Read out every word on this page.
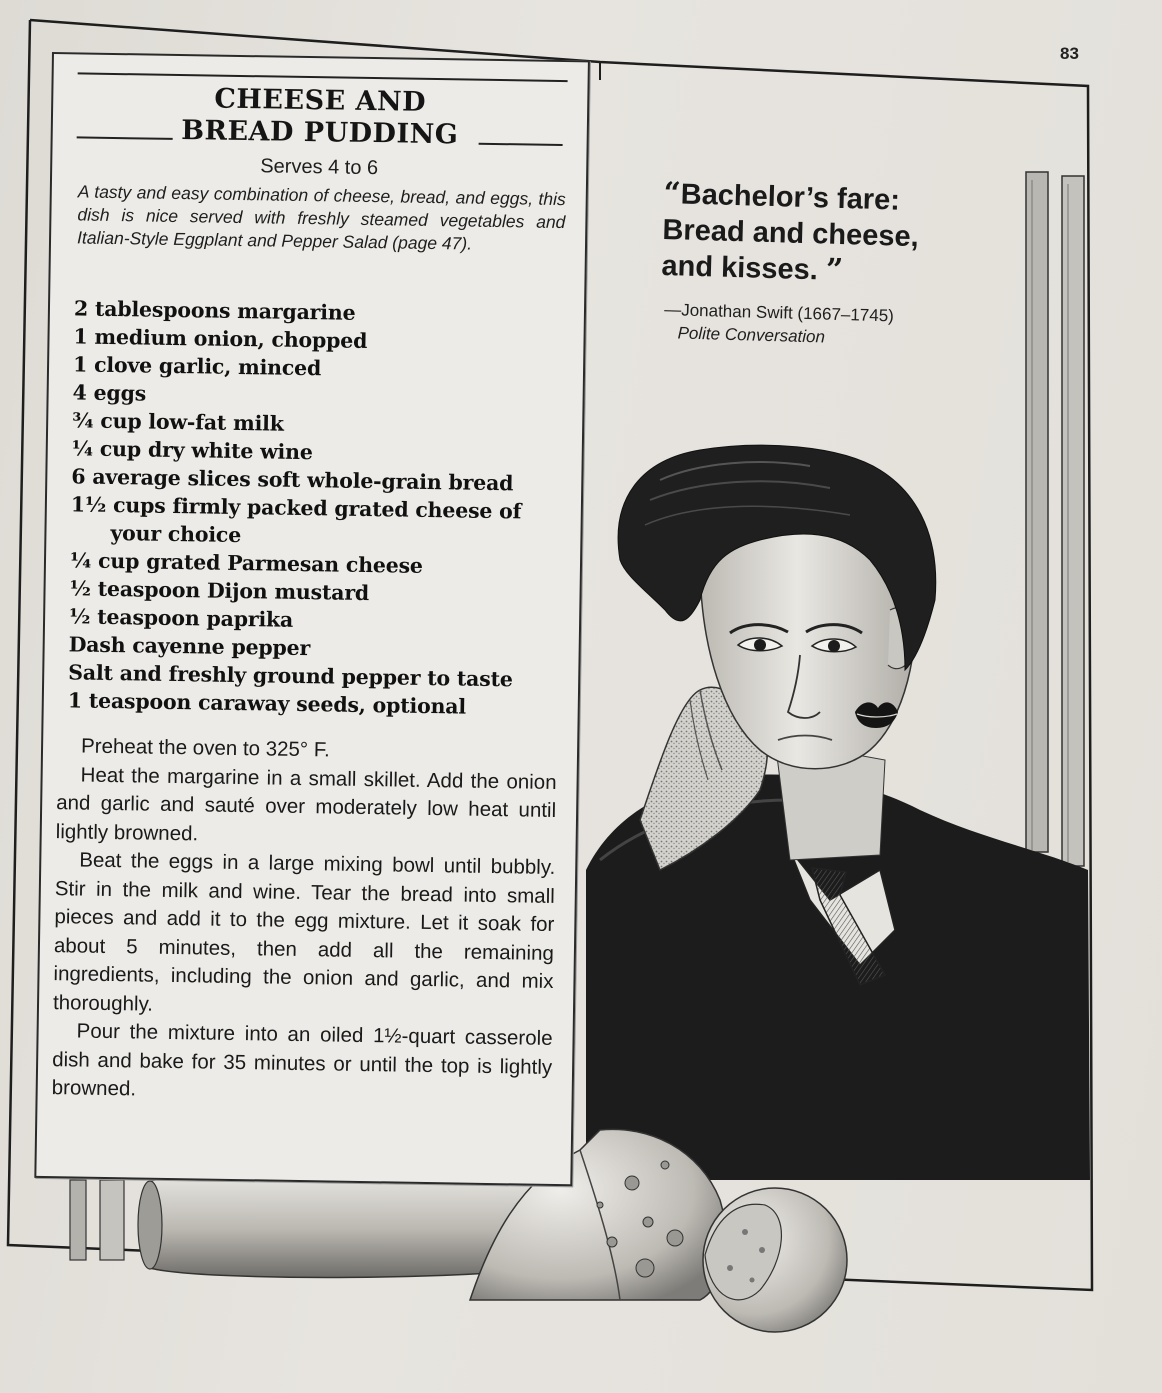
83
CHEESE AND
BREAD PUDDING
Serves 4 to 6
A tasty and easy combination of cheese, bread, and eggs, this dish is nice served with freshly steamed vegetables and Italian-Style Eggplant and Pepper Salad (page 47).
2 tablespoons margarine
1 medium onion, chopped
1 clove garlic, minced
4 eggs
¾ cup low-fat milk
¼ cup dry white wine
6 average slices soft whole-grain bread
1½ cups firmly packed grated cheese of your choice
¼ cup grated Parmesan cheese
½ teaspoon Dijon mustard
½ teaspoon paprika
Dash cayenne pepper
Salt and freshly ground pepper to taste
1 teaspoon caraway seeds, optional

Preheat the oven to 325° F.

Heat the margarine in a small skillet. Add the onion and garlic and sauté over moderately low heat until lightly browned.

Beat the eggs in a large mixing bowl until bubbly. Stir in the milk and wine. Tear the bread into small pieces and add it to the egg mixture. Let it soak for about 5 minutes, then add all the remaining ingredients, including the onion and garlic, and mix thoroughly.

Pour the mixture into an oiled 1½-quart casserole dish and bake for 35 minutes or until the top is lightly browned.

“Bachelor’s fare:
Bread and cheese,
and kisses. ”

—Jonathan Swift (1667–1745)
Polite Conversation
